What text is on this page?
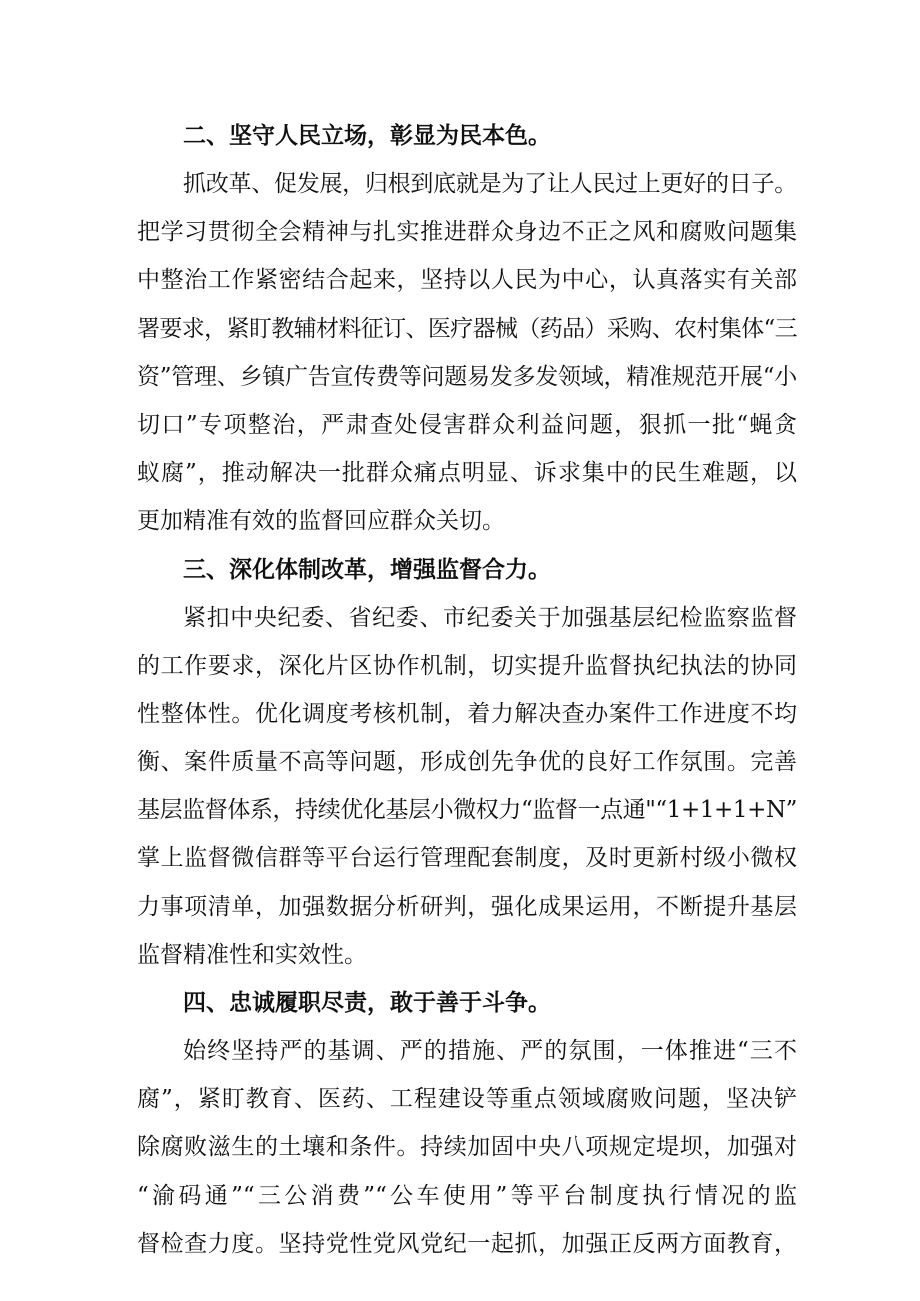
二、坚守人民立场，彰显为民本色。
抓改革、促发展，归根到底就是为了让人民过上更好的日子。
把学习贯彻全会精神与扎实推进群众身边不正之风和腐败问题集
中整治工作紧密结合起来，坚持以人民为中心，认真落实有关部
署要求，紧盯教辅材料征订、医疗器械（药品）采购、农村集体“三
资”管理、乡镇广告宣传费等问题易发多发领域，精准规范开展“小
切口”专项整治，严肃查处侵害群众利益问题，狠抓一批“蝇贪
蚁腐”，推动解决一批群众痛点明显、诉求集中的民生难题，以
更加精准有效的监督回应群众关切。
三、深化体制改革，增强监督合力。
紧扣中央纪委、省纪委、市纪委关于加强基层纪检监察监督
的工作要求，深化片区协作机制，切实提升监督执纪执法的协同
性整体性。优化调度考核机制，着力解决查办案件工作进度不均
衡、案件质量不高等问题，形成创先争优的良好工作氛围。完善
基层监督体系，持续优化基层小微权力“监督一点通"“1+1+1+N”
掌上监督微信群等平台运行管理配套制度，及时更新村级小微权
力事项清单，加强数据分析研判，强化成果运用，不断提升基层
监督精准性和实效性。
四、忠诚履职尽责，敢于善于斗争。
始终坚持严的基调、严的措施、严的氛围，一体推进“三不
腐”，紧盯教育、医药、工程建设等重点领域腐败问题，坚决铲
除腐败滋生的土壤和条件。持续加固中央八项规定堤坝，加强对
“渝码通”“三公消费”“公车使用”等平台制度执行情况的监
督检查力度。坚持党性党风党纪一起抓，加强正反两方面教育，
